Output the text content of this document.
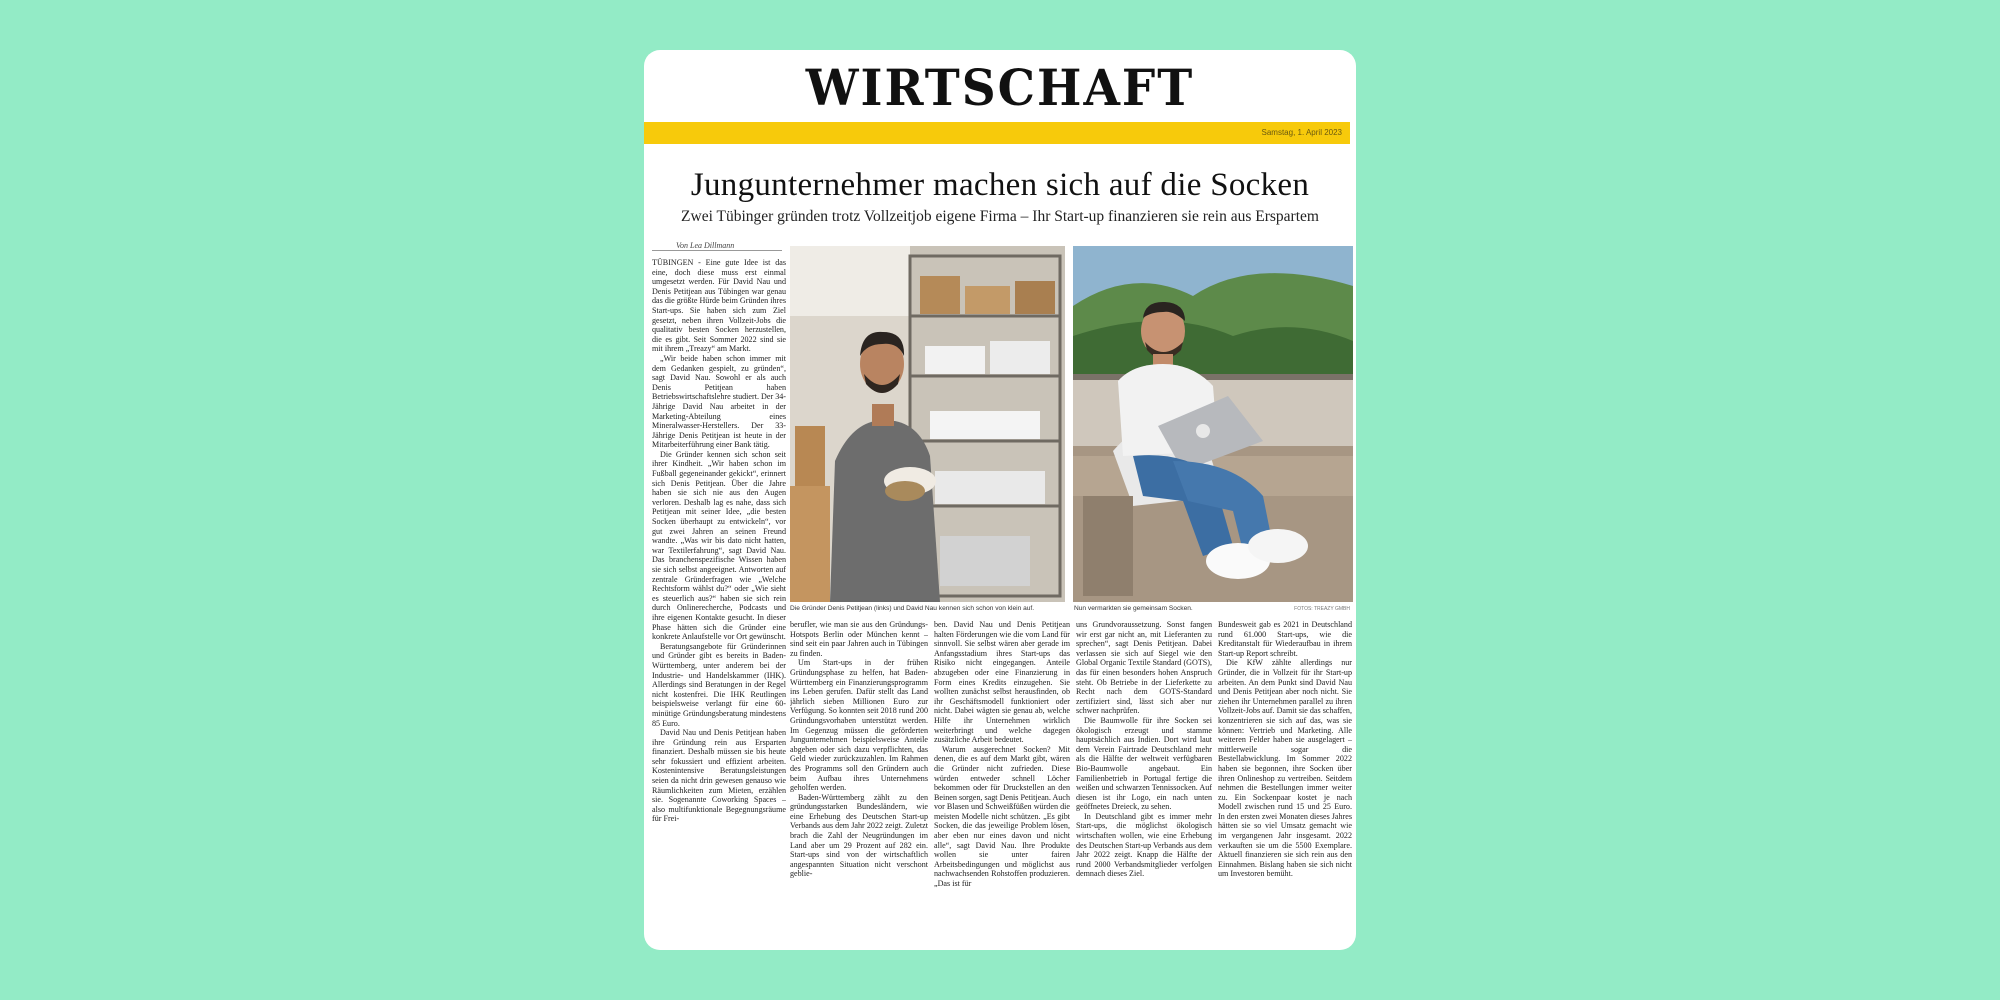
WIRTSCHAFT
Samstag, 1. April 2023
Jungunternehmer machen sich auf die Socken
Zwei Tübinger gründen trotz Vollzeitjob eigene Firma – Ihr Start-up finanzieren sie rein aus Erspartem
Von Lea Dillmann

TÜBINGEN - Eine gute Idee ist das eine, doch diese muss erst einmal umgesetzt werden. Für David Nau und Denis Petitjean aus Tübingen war genau das die größte Hürde beim Gründen ihres Start-ups. Sie haben sich zum Ziel gesetzt, neben ihren Vollzeit-Jobs die qualitativ besten Socken herzustellen, die es gibt. Seit Sommer 2022 sind sie mit ihrem „Treazy“ am Markt.

„Wir beide haben schon immer mit dem Gedanken gespielt, zu gründen“, sagt David Nau. Sowohl er als auch Denis Petitjean haben Betriebswirtschaftslehre studiert. Der 34-Jährige David Nau arbeitet in der Marketing-Abteilung eines Mineralwasser-Herstellers. Der 33-Jährige Denis Petitjean ist heute in der Mitarbeiterführung einer Bank tätig.

Die Gründer kennen sich schon seit ihrer Kindheit. „Wir haben schon im Fußball gegeneinander gekickt“, erinnert sich Denis Petitjean. Über die Jahre haben sie sich nie aus den Augen verloren. Deshalb lag es nahe, dass sich Petitjean mit seiner Idee, „die besten Socken überhaupt zu entwickeln“, vor gut zwei Jahren an seinen Freund wandte. „Was wir bis dato nicht hatten, war Textilerfahrung“, sagt David Nau. Das branchenspezifische Wissen haben sie sich selbst angeeignet. Antworten auf zentrale Gründerfragen wie „Welche Rechtsform wählst du?“ oder „Wie sieht es steuerlich aus?“ haben sie sich rein durch Onlinerecherche, Podcasts und ihre eigenen Kontakte gesucht. In dieser Phase hätten sich die Gründer eine konkrete Anlaufstelle vor Ort gewünscht.

Beratungsangebote für Gründerinnen und Gründer gibt es bereits in Baden-Württemberg, unter anderem bei der Industrie- und Handelskammer (IHK). Allerdings sind Beratungen in der Regel nicht kostenfrei. Die IHK Reutlingen beispielsweise verlangt für eine 60-minütige Gründungsberatung mindestens 85 Euro.

David Nau und Denis Petitjean haben ihre Gründung rein aus Ersparten finanziert. Deshalb müssen sie bis heute sehr fokussiert und effizient arbeiten. Kostenintensive Beratungsleistungen seien da nicht drin gewesen genauso wie Räumlichkeiten zum Mieten, erzählen sie. Sogenannte Coworking Spaces – also multifunktionale Begegnungsräume für Frei-

Die Gründer Denis Petitjean (links) und David Nau kennen sich schon von klein auf.	Nun vermarkten sie gemeinsam Socken.	FOTOS: TREAZY GMBH

berufler, wie man sie aus den Gründungs-Hotspots Berlin oder München kennt – sind seit ein paar Jahren auch in Tübingen zu finden.

Um Start-ups in der frühen Gründungsphase zu helfen, hat Baden-Württemberg ein Finanzierungsprogramm ins Leben gerufen. Dafür stellt das Land jährlich sieben Millionen Euro zur Verfügung. So konnten seit 2018 rund 200 Gründungsvorhaben unterstützt werden. Im Gegenzug müssen die geförderten Jungunternehmen beispielsweise Anteile abgeben oder sich dazu verpflichten, das Geld wieder zurückzuzahlen. Im Rahmen des Programms soll den Gründern auch beim Aufbau ihres Unternehmens geholfen werden.

Baden-Württemberg zählt zu den gründungsstarken Bundesländern, wie eine Erhebung des Deutschen Start-up Verbands aus dem Jahr 2022 zeigt. Zuletzt brach die Zahl der Neugründungen im Land aber um 29 Prozent auf 282 ein. Start-ups sind von der wirtschaftlich angespannten Situation nicht verschont geblie-

ben. David Nau und Denis Petitjean halten Förderungen wie die vom Land für sinnvoll. Sie selbst wären aber gerade im Anfangsstadium ihres Start-ups das Risiko nicht eingegangen. Anteile abzugeben oder eine Finanzierung in Form eines Kredits einzugehen. Sie wollten zunächst selbst herausfinden, ob ihr Geschäftsmodell funktioniert oder nicht. Dabei wägten sie genau ab, welche Hilfe ihr Unternehmen wirklich weiterbringt und welche dagegen zusätzliche Arbeit bedeutet.

Warum ausgerechnet Socken? Mit denen, die es auf dem Markt gibt, wären die Gründer nicht zufrieden. Diese würden entweder schnell Löcher bekommen oder für Druckstellen an den Beinen sorgen, sagt Denis Petitjean. Auch vor Blasen und Schweißfüßen würden die meisten Modelle nicht schützen. „Es gibt Socken, die das jeweilige Problem lösen, aber eben nur eines davon und nicht alle“, sagt David Nau. Ihre Produkte wollen sie unter fairen Arbeitsbedingungen und möglichst aus nachwachsenden Rohstoffen produzieren. „Das ist für

uns Grundvoraussetzung. Sonst fangen wir erst gar nicht an, mit Lieferanten zu sprechen“, sagt Denis Petitjean. Dabei verlassen sie sich auf Siegel wie den Global Organic Textile Standard (GOTS), das für einen besonders hohen Anspruch steht. Ob Betriebe in der Lieferkette zu Recht nach dem GOTS-Standard zertifiziert sind, lässt sich aber nur schwer nachprüfen.

Die Baumwolle für ihre Socken sei ökologisch erzeugt und stamme hauptsächlich aus Indien. Dort wird laut dem Verein Fairtrade Deutschland mehr als die Hälfte der weltweit verfügbaren Bio-Baumwolle angebaut. Ein Familienbetrieb in Portugal fertige die weißen und schwarzen Tennissocken. Auf diesen ist ihr Logo, ein nach unten geöffnetes Dreieck, zu sehen.

In Deutschland gibt es immer mehr Start-ups, die möglichst ökologisch wirtschaften wollen, wie eine Erhebung des Deutschen Start-up Verbands aus dem Jahr 2022 zeigt. Knapp die Hälfte der rund 2000 Verbandsmitglieder verfolgen demnach dieses Ziel.

Bundesweit gab es 2021 in Deutschland rund 61.000 Start-ups, wie die Kreditanstalt für Wiederaufbau in ihrem Start-up Report schreibt.

Die KfW zählte allerdings nur Gründer, die in Vollzeit für ihr Start-up arbeiten. An dem Punkt sind David Nau und Denis Petitjean aber noch nicht. Sie ziehen ihr Unternehmen parallel zu ihren Vollzeit-Jobs auf. Damit sie das schaffen, konzentrieren sie sich auf das, was sie können: Vertrieb und Marketing. Alle weiteren Felder haben sie ausgelagert – mittlerweile sogar die Bestellabwicklung. Im Sommer 2022 haben sie begonnen, ihre Socken über ihren Onlineshop zu vertreiben. Seitdem nehmen die Bestellungen immer weiter zu. Ein Sockenpaar kostet je nach Modell zwischen rund 15 und 25 Euro. In den ersten zwei Monaten dieses Jahres hätten sie so viel Umsatz gemacht wie im vergangenen Jahr insgesamt. 2022 verkauften sie um die 5500 Exemplare. Aktuell finanzieren sie sich rein aus den Einnahmen. Bislang haben sie sich nicht um Investoren bemüht.
